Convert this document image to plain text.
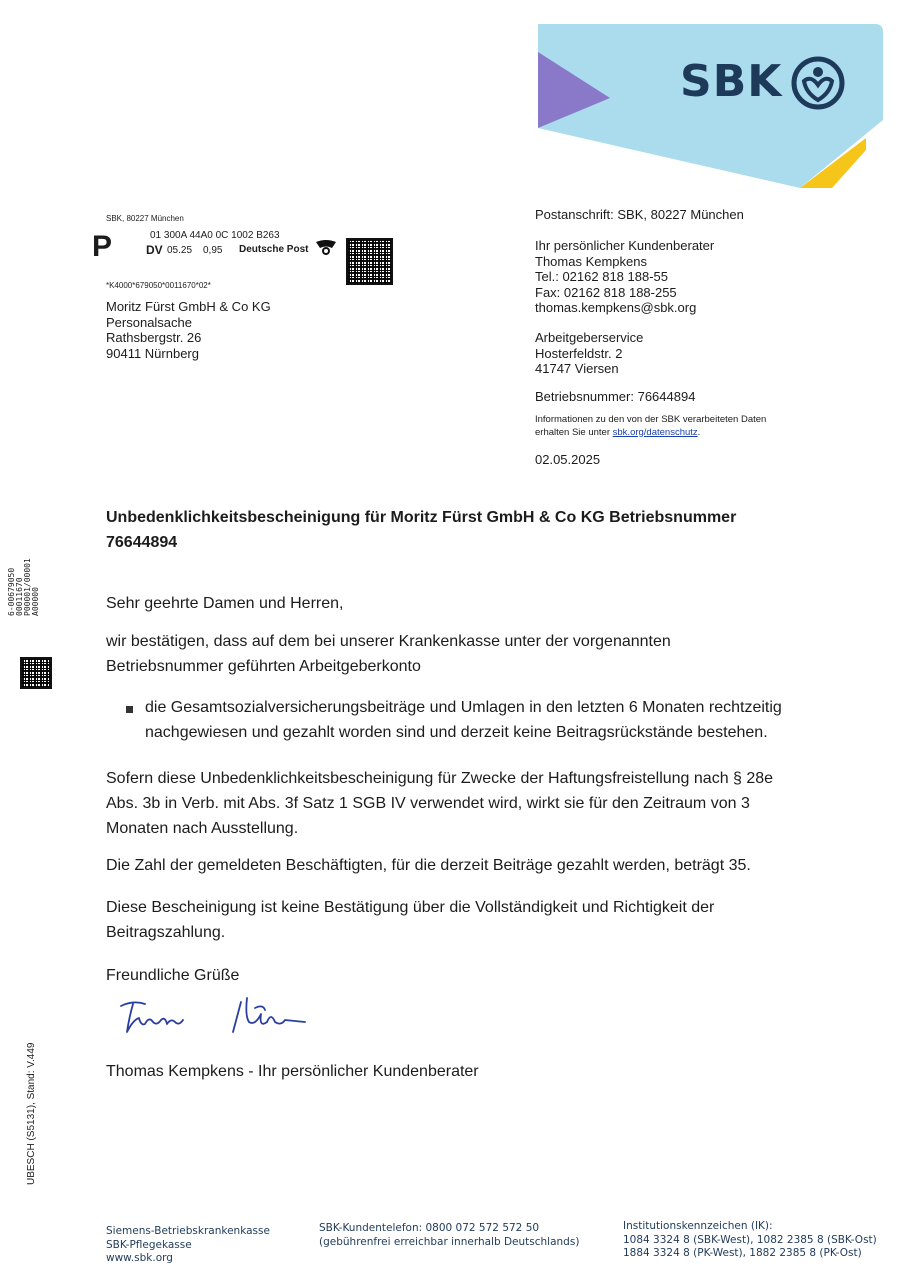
SBK
SBK, 80227 München
P	01 300A 44A0 0C 1002 B263
DV 05.25 0,95 Deutsche Post
*K4000*679050*0011670*02*
Moritz Fürst GmbH & Co KG
Personalsache
Rathsbergstr. 26
90411 Nürnberg
Postanschrift: SBK, 80227 München
Ihr persönlicher Kundenberater
Thomas Kempkens
Tel.: 02162 818 188-55
Fax: 02162 818 188-255
thomas.kempkens@sbk.org
Arbeitgeberservice
Hosterfeldstr. 2
41747 Viersen
Betriebsnummer: 76644894
Informationen zu den von der SBK verarbeiteten Daten
erhalten Sie unter sbk.org/datenschutz.
02.05.2025
6-00679050 00011670 P00001/00001 A00000
UBESCH (S5131), Stand: V.449
Unbedenklichkeitsbescheinigung für Moritz Fürst GmbH & Co KG Betriebsnummer
76644894
Sehr geehrte Damen und Herren,
wir bestätigen, dass auf dem bei unserer Krankenkasse unter der vorgenannten
Betriebsnummer geführten Arbeitgeberkonto
die Gesamtsozialversicherungsbeiträge und Umlagen in den letzten 6 Monaten rechtzeitig
nachgewiesen und gezahlt worden sind und derzeit keine Beitragsrückstände bestehen.
Sofern diese Unbedenklichkeitsbescheinigung für Zwecke der Haftungsfreistellung nach § 28e
Abs. 3b in Verb. mit Abs. 3f Satz 1 SGB IV verwendet wird, wirkt sie für den Zeitraum von 3
Monaten nach Ausstellung.
Die Zahl der gemeldeten Beschäftigten, für die derzeit Beiträge gezahlt werden, beträgt 35.
Diese Bescheinigung ist keine Bestätigung über die Vollständigkeit und Richtigkeit der
Beitragszahlung.
Freundliche Grüße
Thomas Kempkens - Ihr persönlicher Kundenberater
Siemens-Betriebskrankenkasse
SBK-Pflegekasse
www.sbk.org
SBK-Kundentelefon: 0800 072 572 572 50
(gebührenfrei erreichbar innerhalb Deutschlands)
Institutionskennzeichen (IK):
1084 3324 8 (SBK-West), 1082 2385 8 (SBK-Ost)
1884 3324 8 (PK-West), 1882 2385 8 (PK-Ost)
